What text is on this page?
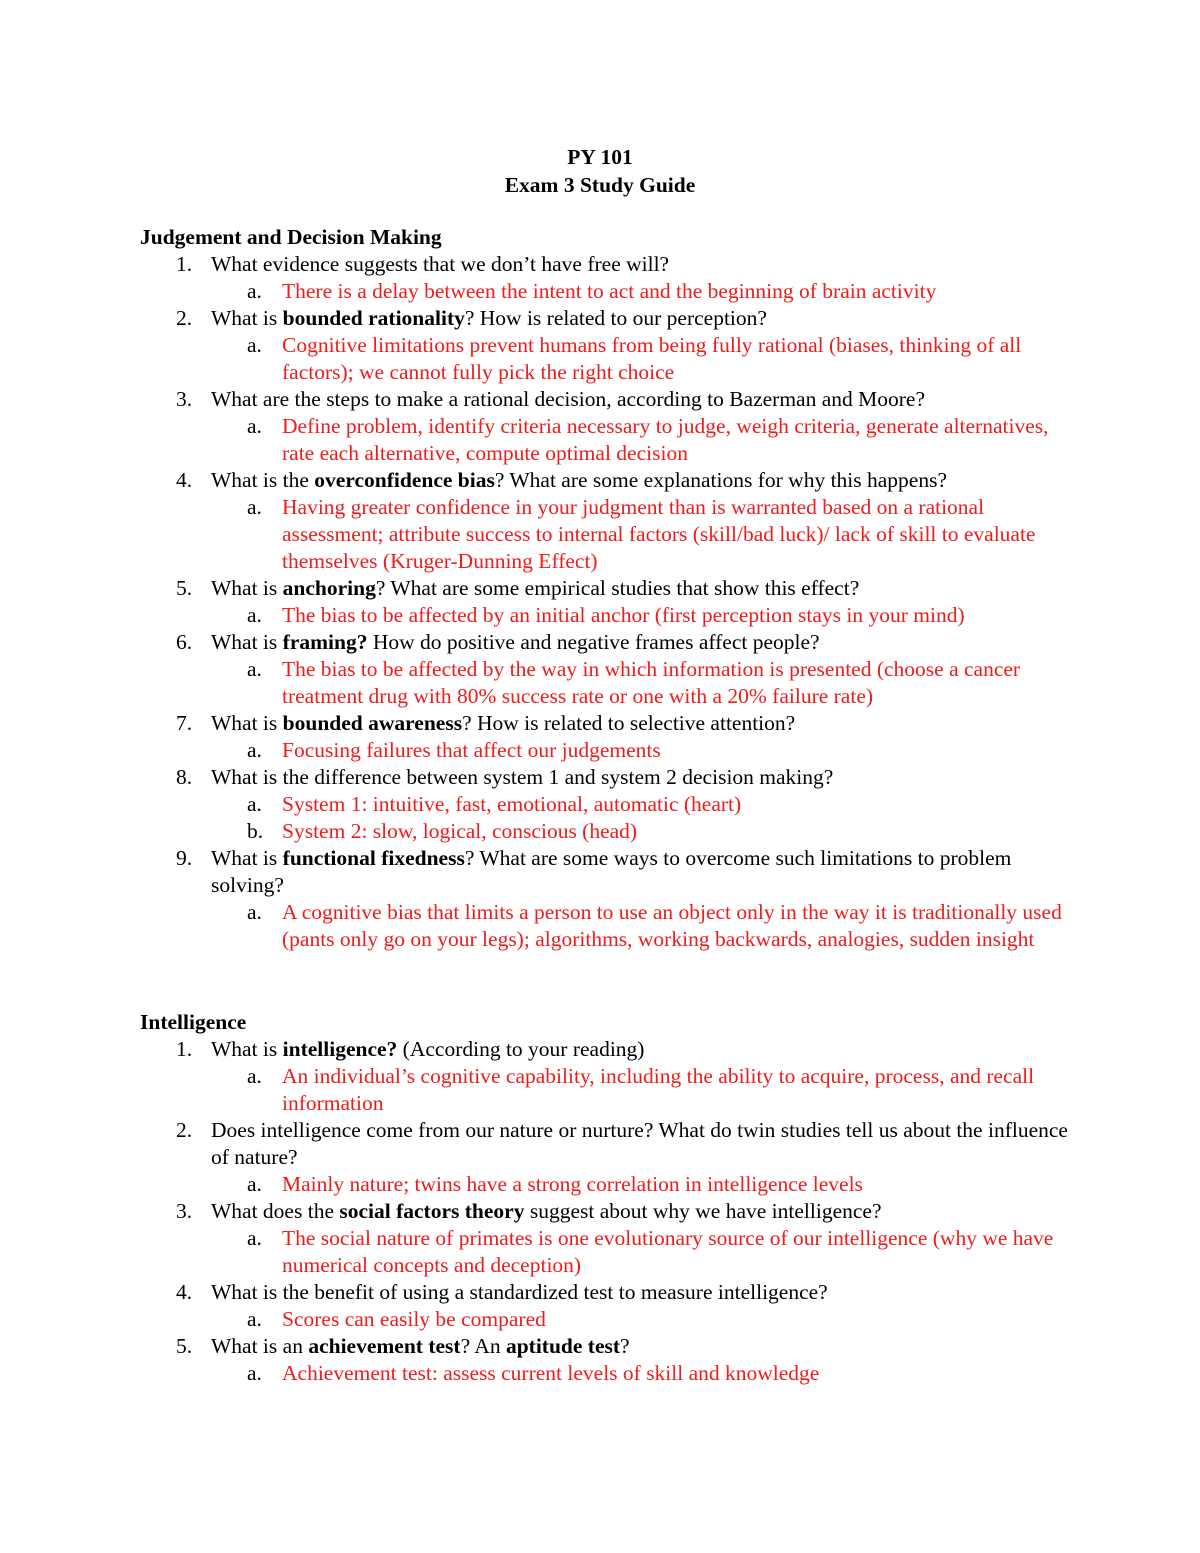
PY 101
Exam 3 Study Guide
Judgement and Decision Making
1. What evidence suggests that we don’t have free will?
a. There is a delay between the intent to act and the beginning of brain activity
2. What is bounded rationality? How is related to our perception?
a. Cognitive limitations prevent humans from being fully rational (biases, thinking of all factors); we cannot fully pick the right choice
3. What are the steps to make a rational decision, according to Bazerman and Moore?
a. Define problem, identify criteria necessary to judge, weigh criteria, generate alternatives, rate each alternative, compute optimal decision
4. What is the overconfidence bias? What are some explanations for why this happens?
a. Having greater confidence in your judgment than is warranted based on a rational assessment; attribute success to internal factors (skill/bad luck)/ lack of skill to evaluate themselves (Kruger-Dunning Effect)
5. What is anchoring? What are some empirical studies that show this effect?
a. The bias to be affected by an initial anchor (first perception stays in your mind)
6. What is framing? How do positive and negative frames affect people?
a. The bias to be affected by the way in which information is presented (choose a cancer treatment drug with 80% success rate or one with a 20% failure rate)
7. What is bounded awareness? How is related to selective attention?
a. Focusing failures that affect our judgements
8. What is the difference between system 1 and system 2 decision making?
a. System 1: intuitive, fast, emotional, automatic (heart)
b. System 2: slow, logical, conscious (head)
9. What is functional fixedness? What are some ways to overcome such limitations to problem solving?
a. A cognitive bias that limits a person to use an object only in the way it is traditionally used (pants only go on your legs); algorithms, working backwards, analogies, sudden insight
Intelligence
1. What is intelligence? (According to your reading)
a. An individual’s cognitive capability, including the ability to acquire, process, and recall information
2. Does intelligence come from our nature or nurture? What do twin studies tell us about the influence of nature?
a. Mainly nature; twins have a strong correlation in intelligence levels
3. What does the social factors theory suggest about why we have intelligence?
a. The social nature of primates is one evolutionary source of our intelligence (why we have numerical concepts and deception)
4. What is the benefit of using a standardized test to measure intelligence?
a. Scores can easily be compared
5. What is an achievement test? An aptitude test?
a. Achievement test: assess current levels of skill and knowledge
